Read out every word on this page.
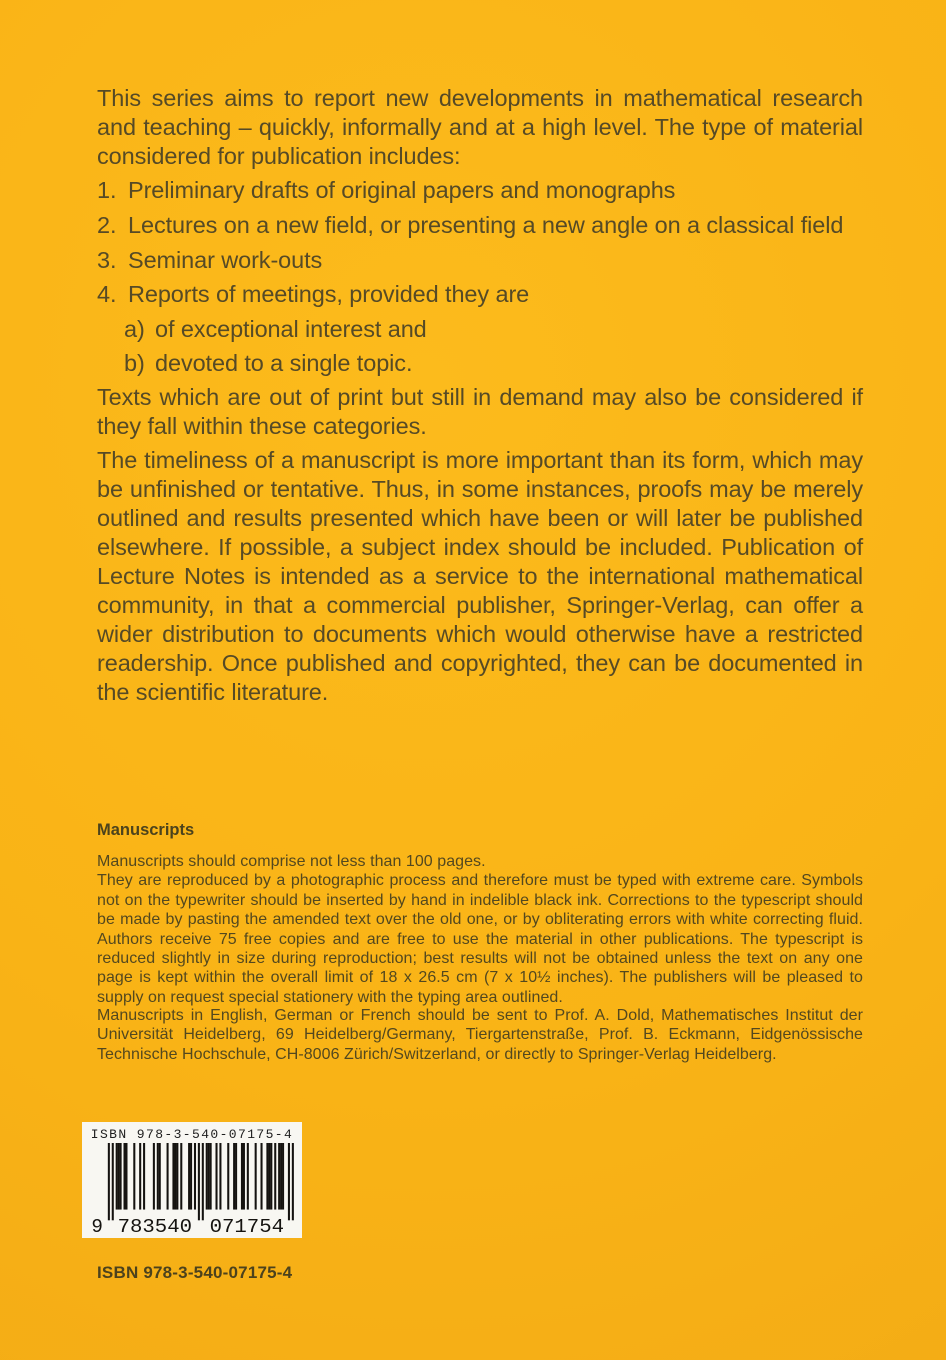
This series aims to report new developments in mathematical research and teaching – quickly, informally and at a high level. The type of material considered for publication includes:
1. Preliminary drafts of original papers and monographs
2. Lectures on a new field, or presenting a new angle on a classical field
3. Seminar work-outs
4. Reports of meetings, provided they are
a) of exceptional interest and
b) devoted to a single topic.
Texts which are out of print but still in demand may also be considered if they fall within these categories.
The timeliness of a manuscript is more important than its form, which may be unfinished or tentative. Thus, in some instances, proofs may be merely outlined and results presented which have been or will later be published elsewhere. If possible, a subject index should be included. Publication of Lecture Notes is intended as a service to the international mathematical community, in that a commercial publisher, Springer-Verlag, can offer a wider distribution to documents which would otherwise have a restricted readership. Once published and copyrighted, they can be documented in the scientific literature.
Manuscripts
Manuscripts should comprise not less than 100 pages.
They are reproduced by a photographic process and therefore must be typed with extreme care. Symbols not on the typewriter should be inserted by hand in indelible black ink. Corrections to the typescript should be made by pasting the amended text over the old one, or by obliterating errors with white correcting fluid. Authors receive 75 free copies and are free to use the material in other publications. The typescript is reduced slightly in size during reproduction; best results will not be obtained unless the text on any one page is kept within the overall limit of 18 x 26.5 cm (7 x 10½ inches). The publishers will be pleased to supply on request special stationery with the typing area outlined.
Manuscripts in English, German or French should be sent to Prof. A. Dold, Mathematisches Institut der Universität Heidelberg, 69 Heidelberg/Germany, Tiergartenstraße, Prof. B. Eckmann, Eidgenössische Technische Hochschule, CH-8006 Zürich/Switzerland, or directly to Springer-Verlag Heidelberg.
ISBN 978-3-540-07175-4
9 783540 071754
ISBN 978-3-540-07175-4
